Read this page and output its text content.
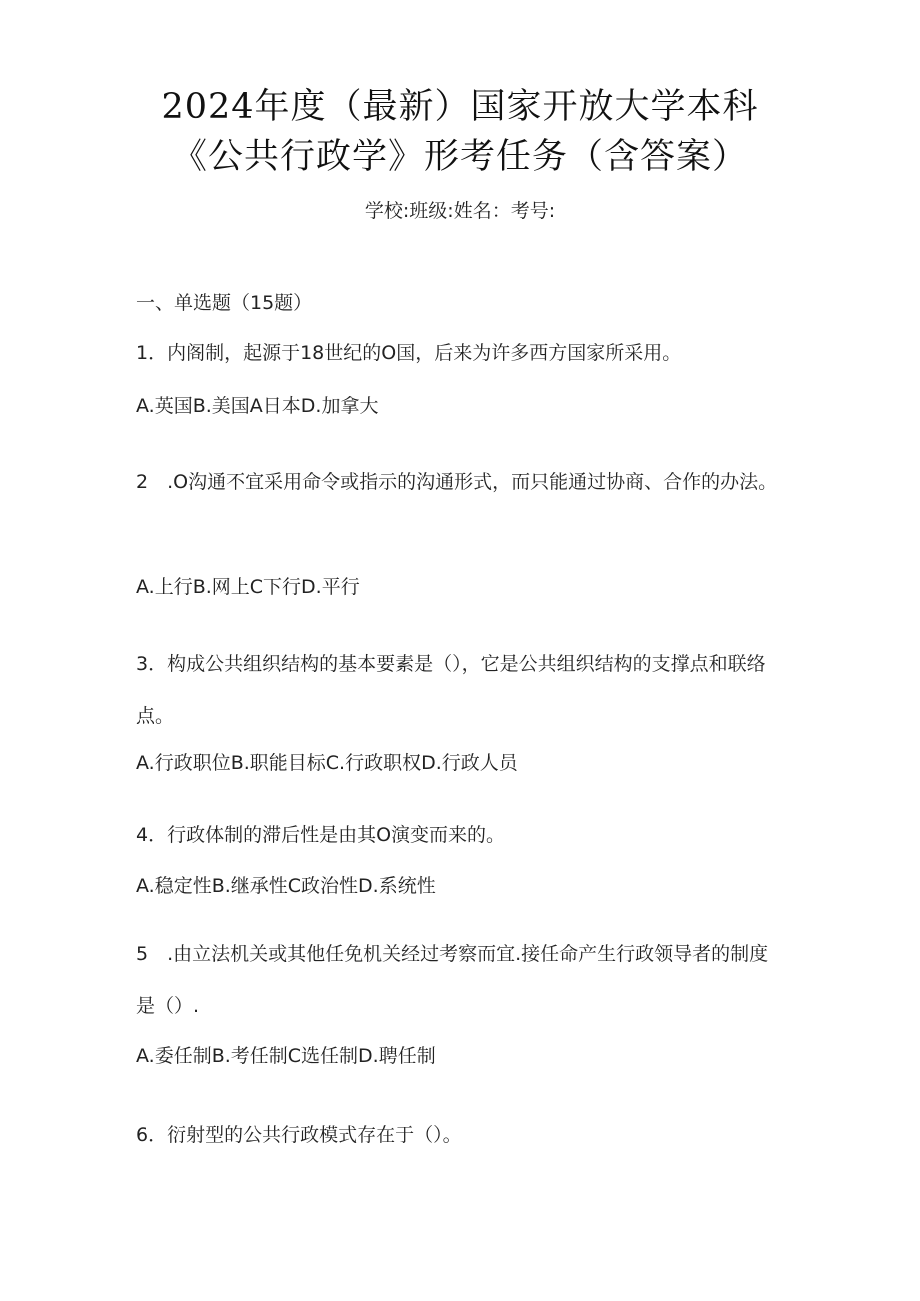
2024年度（最新）国家开放大学本科《公共行政学》形考任务（含答案）
学校:班级:姓名：考号:
一、单选题（15题）
1．内阁制，起源于18世纪的O国，后来为许多西方国家所采用。
A.英国B.美国A日本D.加拿大
2　.O沟通不宜采用命令或指示的沟通形式，而只能通过协商、合作的办法。
A.上行B.网上C下行D.平行
3．构成公共组织结构的基本要素是（），它是公共组织结构的支撑点和联络点。
A.行政职位B.职能目标C.行政职权D.行政人员
4．行政体制的滞后性是由其O演变而来的。
A.稳定性B.继承性C政治性D.系统性
5　.由立法机关或其他任免机关经过考察而宜.接任命产生行政领导者的制度是（）.
A.委任制B.考任制C选任制D.聘任制
6．衍射型的公共行政模式存在于（）。
